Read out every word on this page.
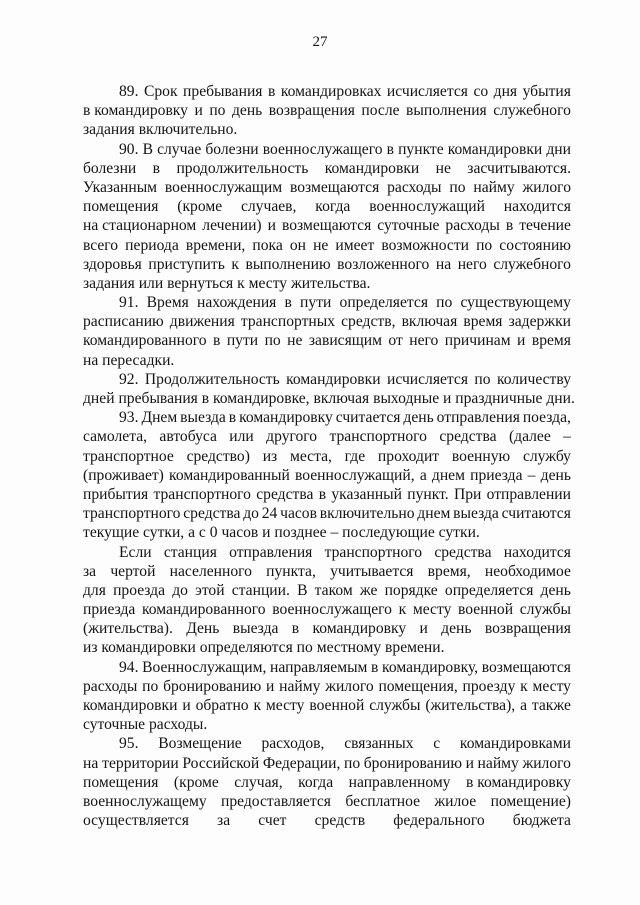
27
89. Срок пребывания в командировках исчисляется со дня убытия
в командировку и по день возвращения после выполнения служебного
задания включительно.
90. В случае болезни военнослужащего в пункте командировки дни
болезни в продолжительность командировки не засчитываются.
Указанным военнослужащим возмещаются расходы по найму жилого
помещения (кроме случаев, когда военнослужащий находится
на стационарном лечении) и возмещаются суточные расходы в течение
всего периода времени, пока он не имеет возможности по состоянию
здоровья приступить к выполнению возложенного на него служебного
задания или вернуться к месту жительства.
91. Время нахождения в пути определяется по существующему
расписанию движения транспортных средств, включая время задержки
командированного в пути по не зависящим от него причинам и время
на пересадки.
92. Продолжительность командировки исчисляется по количеству
дней пребывания в командировке, включая выходные и праздничные дни.
93. Днем выезда в командировку считается день отправления поезда,
самолета, автобуса или другого транспортного средства (далее –
транспортное средство) из места, где проходит военную службу
(проживает) командированный военнослужащий, а днем приезда – день
прибытия транспортного средства в указанный пункт. При отправлении
транспортного средства до 24 часов включительно днем выезда считаются
текущие сутки, а с 0 часов и позднее – последующие сутки.
Если станция отправления транспортного средства находится
за чертой населенного пункта, учитывается время, необходимое
для проезда до этой станции. В таком же порядке определяется день
приезда командированного военнослужащего к месту военной службы
(жительства). День выезда в командировку и день возвращения
из командировки определяются по местному времени.
94. Военнослужащим, направляемым в командировку, возмещаются
расходы по бронированию и найму жилого помещения, проезду к месту
командировки и обратно к месту военной службы (жительства), а также
суточные расходы.
95. Возмещение расходов, связанных с командировками
на территории Российской Федерации, по бронированию и найму жилого
помещения (кроме случая, когда направленному в командировку
военнослужащему предоставляется бесплатное жилое помещение)
осуществляется за счет средств федерального бюджета
